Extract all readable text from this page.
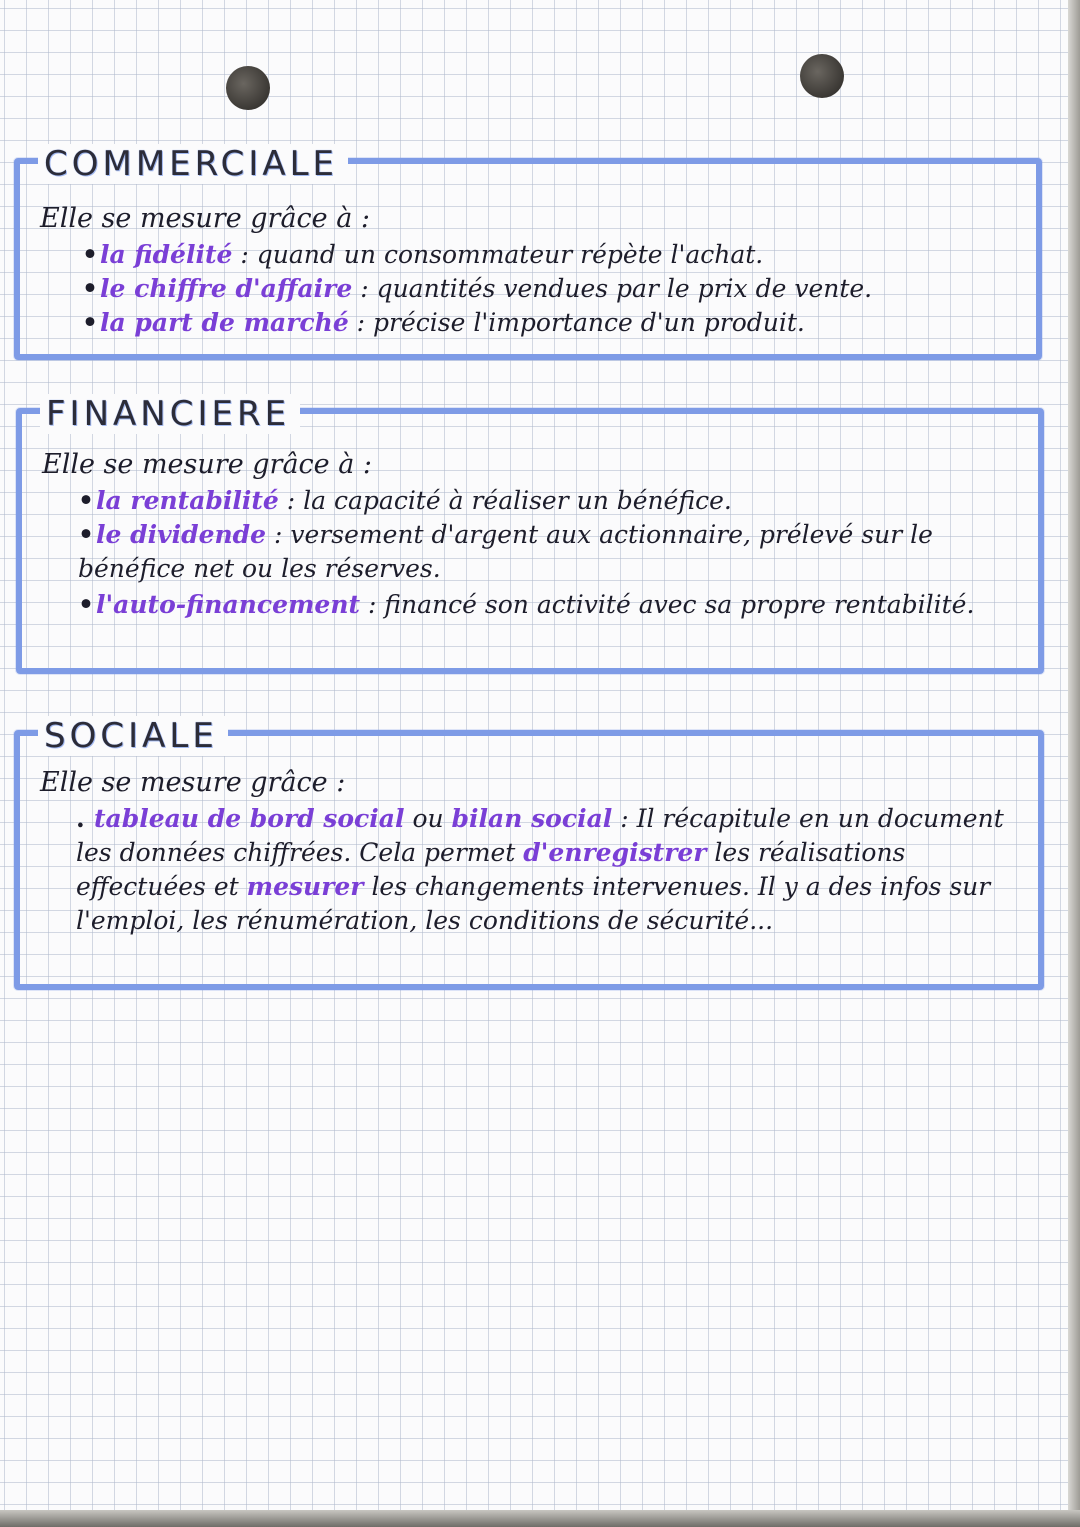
COMMERCIALE
Elle se mesure grâce à :
•la fidélité : quand un consommateur répète l'achat.
•le chiffre d'affaire : quantités vendues par le prix de vente.
•la part de marché : précise l'importance d'un produit.
FINANCIERE
Elle se mesure grâce à :
•la rentabilité : la capacité à réaliser un bénéfice.
•le dividende : versement d'argent aux actionnaire, prélevé sur le bénéfice net ou les réserves.
•l'auto-financement : financé son activité avec sa propre rentabilité.
SOCIALE
Elle se mesure grâce :
. tableau de bord social ou bilan social : Il récapitule en un document les données chiffrées. Cela permet d'enregistrer les réalisations effectuées et mesurer les changements intervenues. Il y a des infos sur l'emploi, les rénumération, les conditions de sécurité...
